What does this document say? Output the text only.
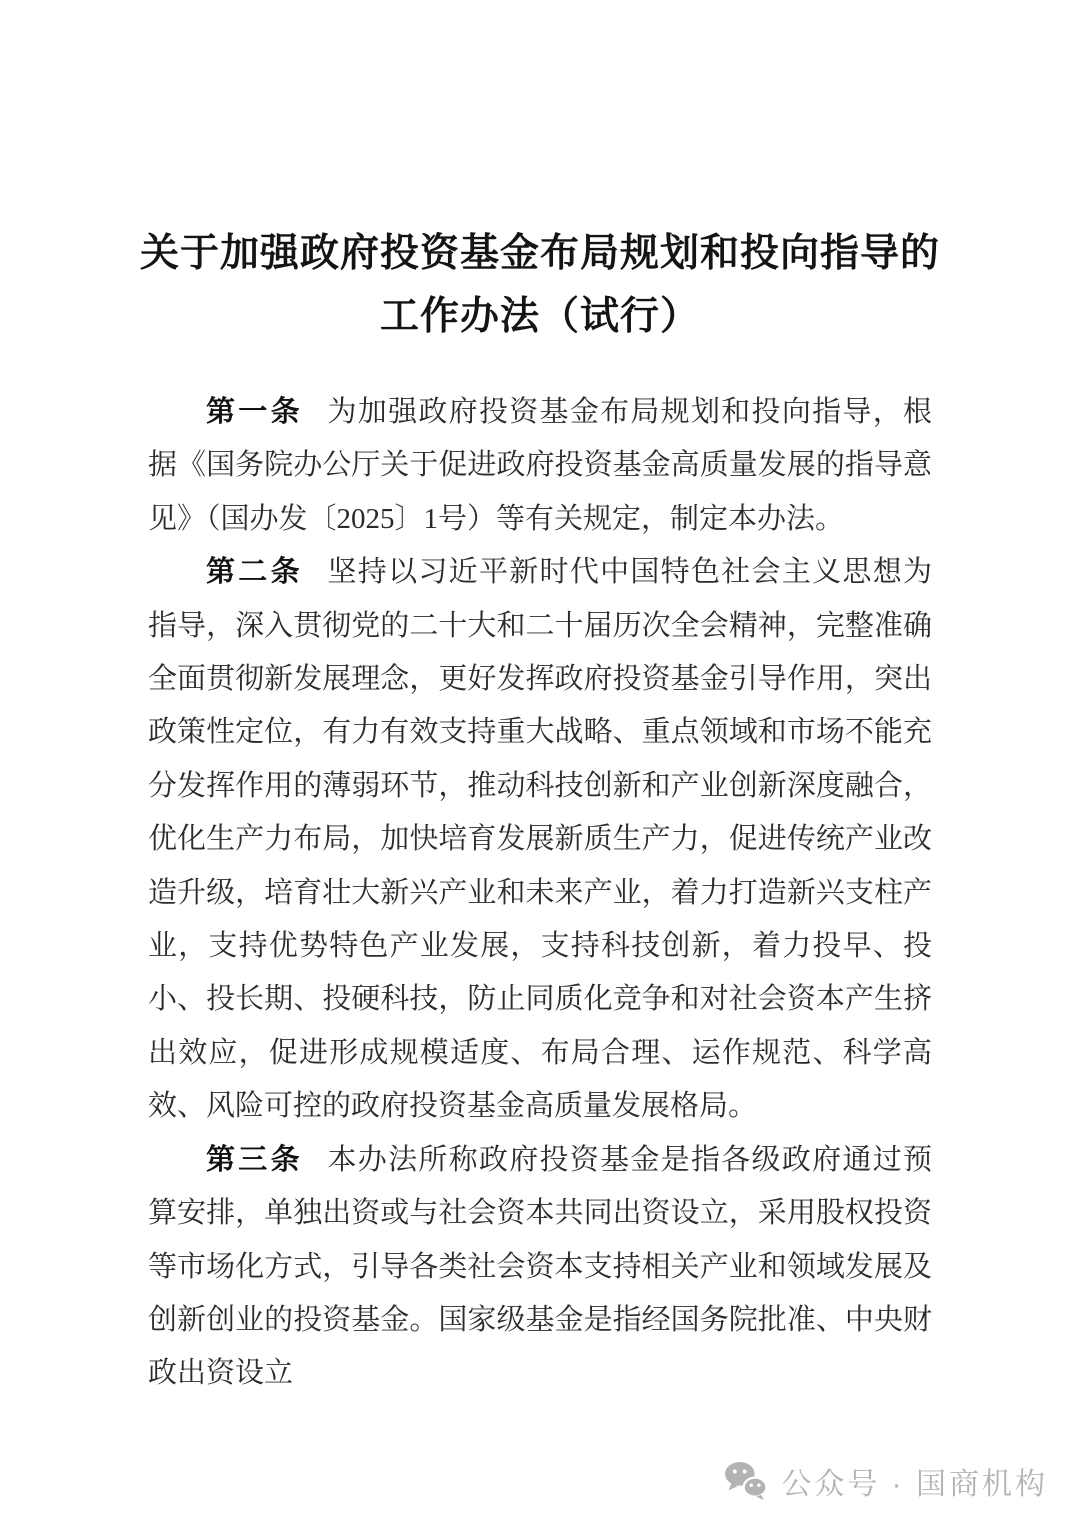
关于加强政府投资基金布局规划和投向指导的
工作办法（试行）

第一条 为加强政府投资基金布局规划和投向指导，根据《国务院办公厅关于促进政府投资基金高质量发展的指导意见》（国办发〔2025〕1号）等有关规定，制定本办法。

第二条 坚持以习近平新时代中国特色社会主义思想为指导，深入贯彻党的二十大和二十届历次全会精神，完整准确全面贯彻新发展理念，更好发挥政府投资基金引导作用，突出政策性定位，有力有效支持重大战略、重点领域和市场不能充分发挥作用的薄弱环节，推动科技创新和产业创新深度融合，优化生产力布局，加快培育发展新质生产力，促进传统产业改造升级，培育壮大新兴产业和未来产业，着力打造新兴支柱产业，支持优势特色产业发展，支持科技创新，着力投早、投小、投长期、投硬科技，防止同质化竞争和对社会资本产生挤出效应，促进形成规模适度、布局合理、运作规范、科学高效、风险可控的政府投资基金高质量发展格局。

第三条 本办法所称政府投资基金是指各级政府通过预算安排，单独出资或与社会资本共同出资设立，采用股权投资等市场化方式，引导各类社会资本支持相关产业和领域发展及创新创业的投资基金。国家级基金是指经国务院批准、中央财政出资设立

公众号 · 国商机构
